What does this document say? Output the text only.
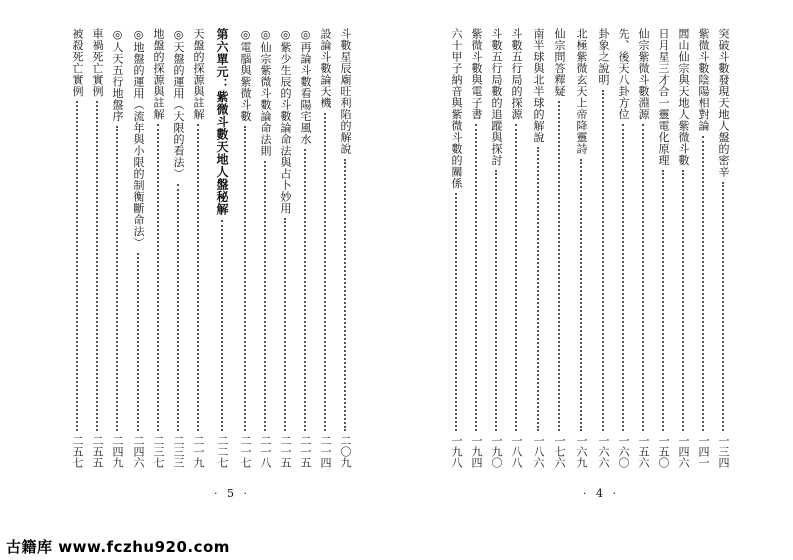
斗數星辰廟旺利陷的解說
二〇九
設論斗數論天機
二一四
◎再論斗數看陽宅風水
二一五
◎紫少生辰的斗數論命法與占卜妙用
二一五
◎仙宗紫微斗數論命法則
二一八
◎電腦與紫微斗數
二一七
第六單元：紫微斗數天地人盤秘解
二二七
天盤的探源與註解
二一九
◎天盤的運用（大限的看法）
二三三
地盤的探源與註解
二三七
◎地盤的運用（流年與小限的制衡斷命法）
二四六
◎人天五行地盤序
二四九
車禍死亡實例
二五五
被殺死亡實例
二五七
· 5 ·
突破斗數發現天地人盤的密辛
一三四
紫微斗數陰陽相對論
一四一
閭山仙宗與天地人紫微斗數
一四六
日月星三才合一靈電化原理
一五〇
仙宗紫微斗數淵源
一五六
先、後天八卦方位
一六〇
卦象之說明
一六六
北極紫微玄天上帝降靈詩
一六九
仙宗問答釋疑
一七六
南半球與北半球的解說
一八六
斗數五行局的探源
一八八
斗數五行局數的追蹤與探討
一九〇
紫微斗數與電子書
一九四
六十甲子納音與紫微斗數的關係
一九八
· 4 ·
古籍库 www.fczhu920.com
